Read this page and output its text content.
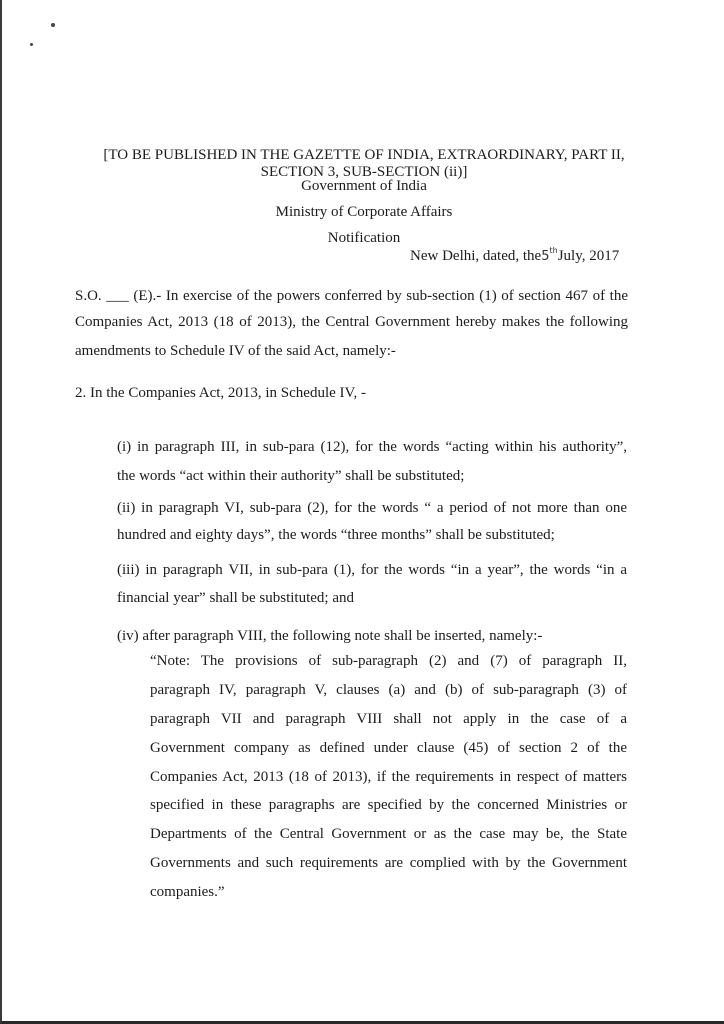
[TO BE PUBLISHED IN THE GAZETTE OF INDIA, EXTRAORDINARY, PART II,
SECTION 3, SUB-SECTION (ii)]
Government of India
Ministry of Corporate Affairs
Notification
New Delhi, dated, the5thJuly, 2017
S.O. ___ (E).- In exercise of the powers conferred by sub-section (1) of section 467 of the
Companies Act, 2013 (18 of 2013), the Central Government hereby makes the following
amendments to Schedule IV of the said Act, namely:-
2. In the Companies Act, 2013, in Schedule IV, -
(i) in paragraph III, in sub-para (12), for the words “acting within his authority”,
the words “act within their authority” shall be substituted;
(ii) in paragraph VI, sub-para (2), for the words “ a period of not more than one
hundred and eighty days”, the words “three months” shall be substituted;
(iii) in paragraph VII, in sub-para (1), for the words “in a year”, the words “in a
financial year” shall be substituted; and
(iv) after paragraph VIII, the following note shall be inserted, namely:-
“Note: The provisions of sub-paragraph (2) and (7) of paragraph II,
paragraph IV, paragraph V, clauses (a) and (b) of sub-paragraph (3) of
paragraph VII and paragraph VIII shall not apply in the case of a
Government company as defined under clause (45) of section 2 of the
Companies Act, 2013 (18 of 2013), if the requirements in respect of matters
specified in these paragraphs are specified by the concerned Ministries or
Departments of the Central Government or as the case may be, the State
Governments and such requirements are complied with by the Government
companies.”
